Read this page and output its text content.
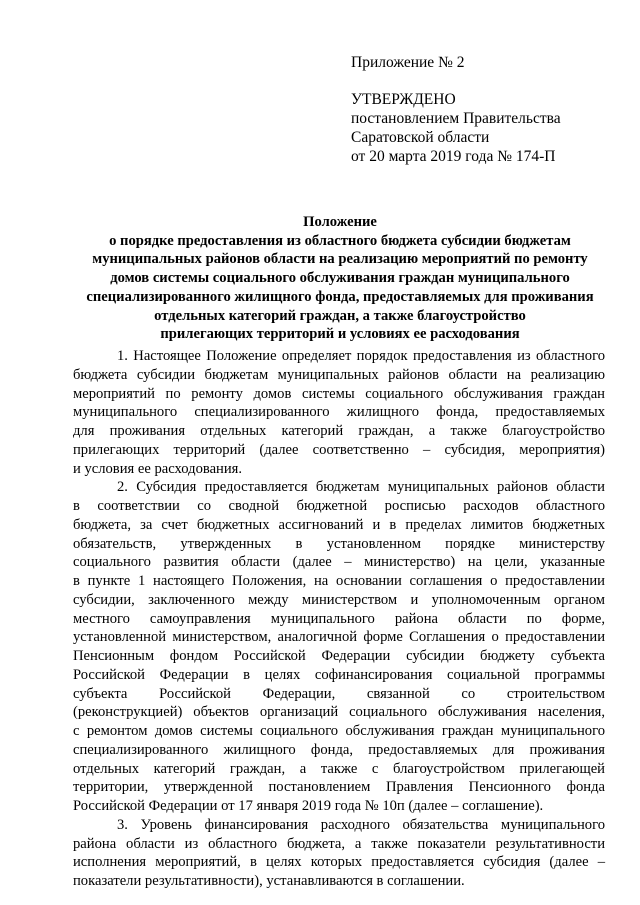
Приложение № 2
УТВЕРЖДЕНО
постановлением Правительства
Саратовской области
от 20 марта 2019 года № 174-П
Положение
о порядке предоставления из областного бюджета субсидии бюджетам
муниципальных районов области на реализацию мероприятий по ремонту
домов системы социального обслуживания граждан муниципального
специализированного жилищного фонда, предоставляемых для проживания
отдельных категорий граждан, а также благоустройство
прилегающих территорий и условиях ее расходования
1. Настоящее Положение определяет порядок предоставления из областного
бюджета субсидии бюджетам муниципальных районов области на реализацию
мероприятий по ремонту домов системы социального обслуживания граждан
муниципального специализированного жилищного фонда, предоставляемых
для проживания отдельных категорий граждан, а также благоустройство
прилегающих территорий (далее соответственно – субсидия, мероприятия)
и условия ее расходования.
2. Субсидия предоставляется бюджетам муниципальных районов области
в соответствии со сводной бюджетной росписью расходов областного
бюджета, за счет бюджетных ассигнований и в пределах лимитов бюджетных
обязательств, утвержденных в установленном порядке министерству
социального развития области (далее – министерство) на цели, указанные
в пункте 1 настоящего Положения, на основании соглашения о предоставлении
субсидии, заключенного между министерством и уполномоченным органом
местного самоуправления муниципального района области по форме,
установленной министерством, аналогичной форме Соглашения о предоставлении
Пенсионным фондом Российской Федерации субсидии бюджету субъекта
Российской Федерации в целях софинансирования социальной программы
субъекта Российской Федерации, связанной со строительством
(реконструкцией) объектов организаций социального обслуживания населения,
с ремонтом домов системы социального обслуживания граждан муниципального
специализированного жилищного фонда, предоставляемых для проживания
отдельных категорий граждан, а также с благоустройством прилегающей
территории, утвержденной постановлением Правления Пенсионного фонда
Российской Федерации от 17 января 2019 года № 10п (далее – соглашение).
3. Уровень финансирования расходного обязательства муниципального
района области из областного бюджета, а также показатели результативности
исполнения мероприятий, в целях которых предоставляется субсидия (далее –
показатели результативности), устанавливаются в соглашении.
